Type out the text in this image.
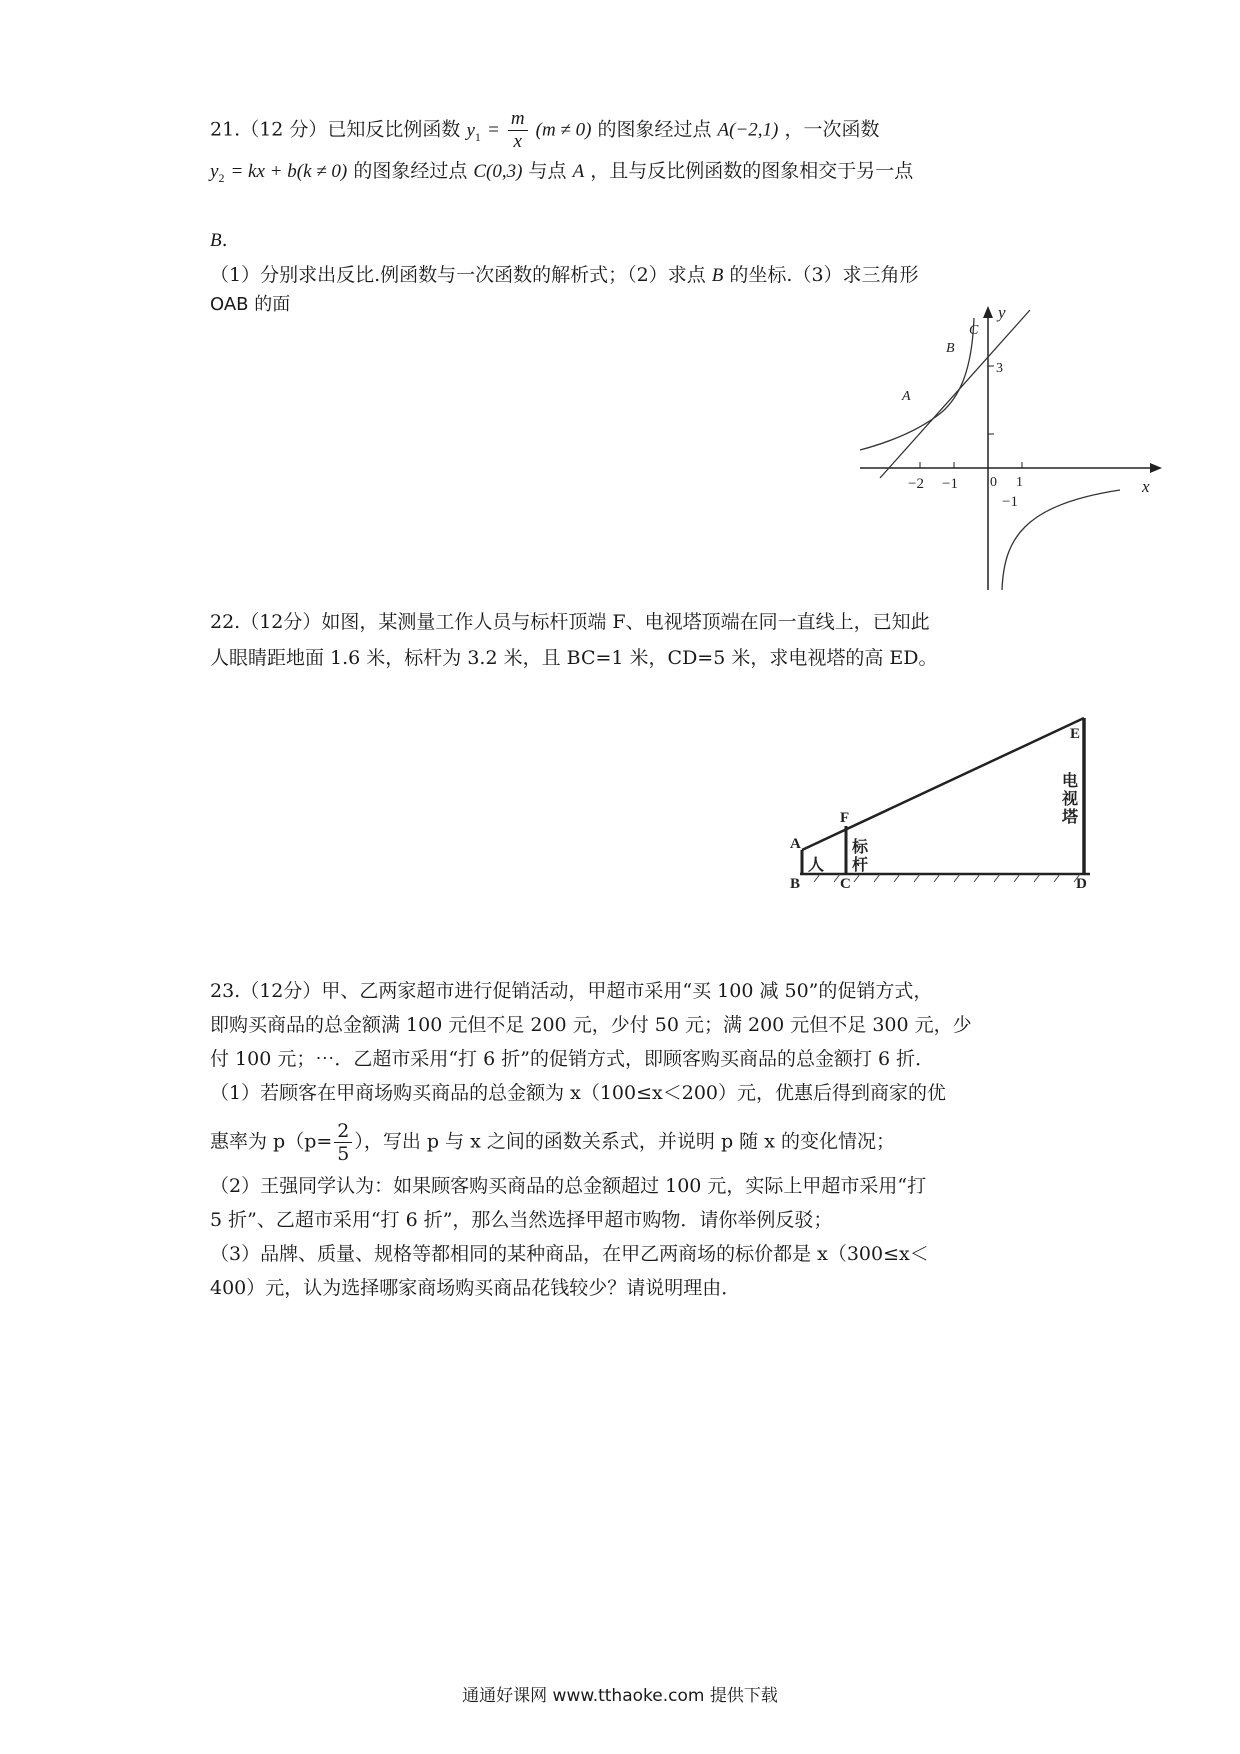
21.（12 分）已知反比例函数 $y_1 = \frac{m}{x} (m \ne 0)$ 的图象经过点 A(−2,1) ，一次函数
$y_2$ = kx + b(k ≠ 0) 的图象经过点 C(0,3) 与点 A ，且与反比例函数的图象相交于另一点
B.
（1）分别求出反比.例函数与一次函数的解析式；（2）求点 B 的坐标.（3）求三角形
OAB 的面	y
x
−2 −1 0 1
3
−1
A
B
C
22.（12分）如图，某测量工作人员与标杆顶端 F、电视塔顶端在同一直线上，已知此
人眼睛距地面 1.6 米，标杆为 3.2 米，且 BC=1 米，CD=5 米，求电视塔的高 ED。
A
B	C	D
E
F
人
标
杆
电
视
塔
23.（12分）甲、乙两家超市进行促销活动，甲超市采用“买 100 减 50”的促销方式，
即购买商品的总金额满 100 元但不足 200 元，少付 50 元；满 200 元但不足 300 元，少
付 100 元；⋯．乙超市采用“打 6 折”的促销方式，即顾客购买商品的总金额打 6 折．
（1）若顾客在甲商场购买商品的总金额为 x（100≤x＜200）元，优惠后得到商家的优
惠率为 $p(p= \frac{2}{5}$ ），写出 p 与 x 之间的函数关系式，并说明 p 随 x 的变化情况；
（2）王强同学认为：如果顾客购买商品的总金额超过 100 元，实际上甲超市采用“打
5 折”、乙超市采用“打 6 折”，那么当然选择甲超市购物．请你举例反驳；
（3）品牌、质量、规格等都相同的某种商品，在甲乙两商场的标价都是 x（300≤x＜
400）元，认为选择哪家商场购买商品花钱较少？请说明理由．
通通好课网 www.tthaoke.com 提供下载
